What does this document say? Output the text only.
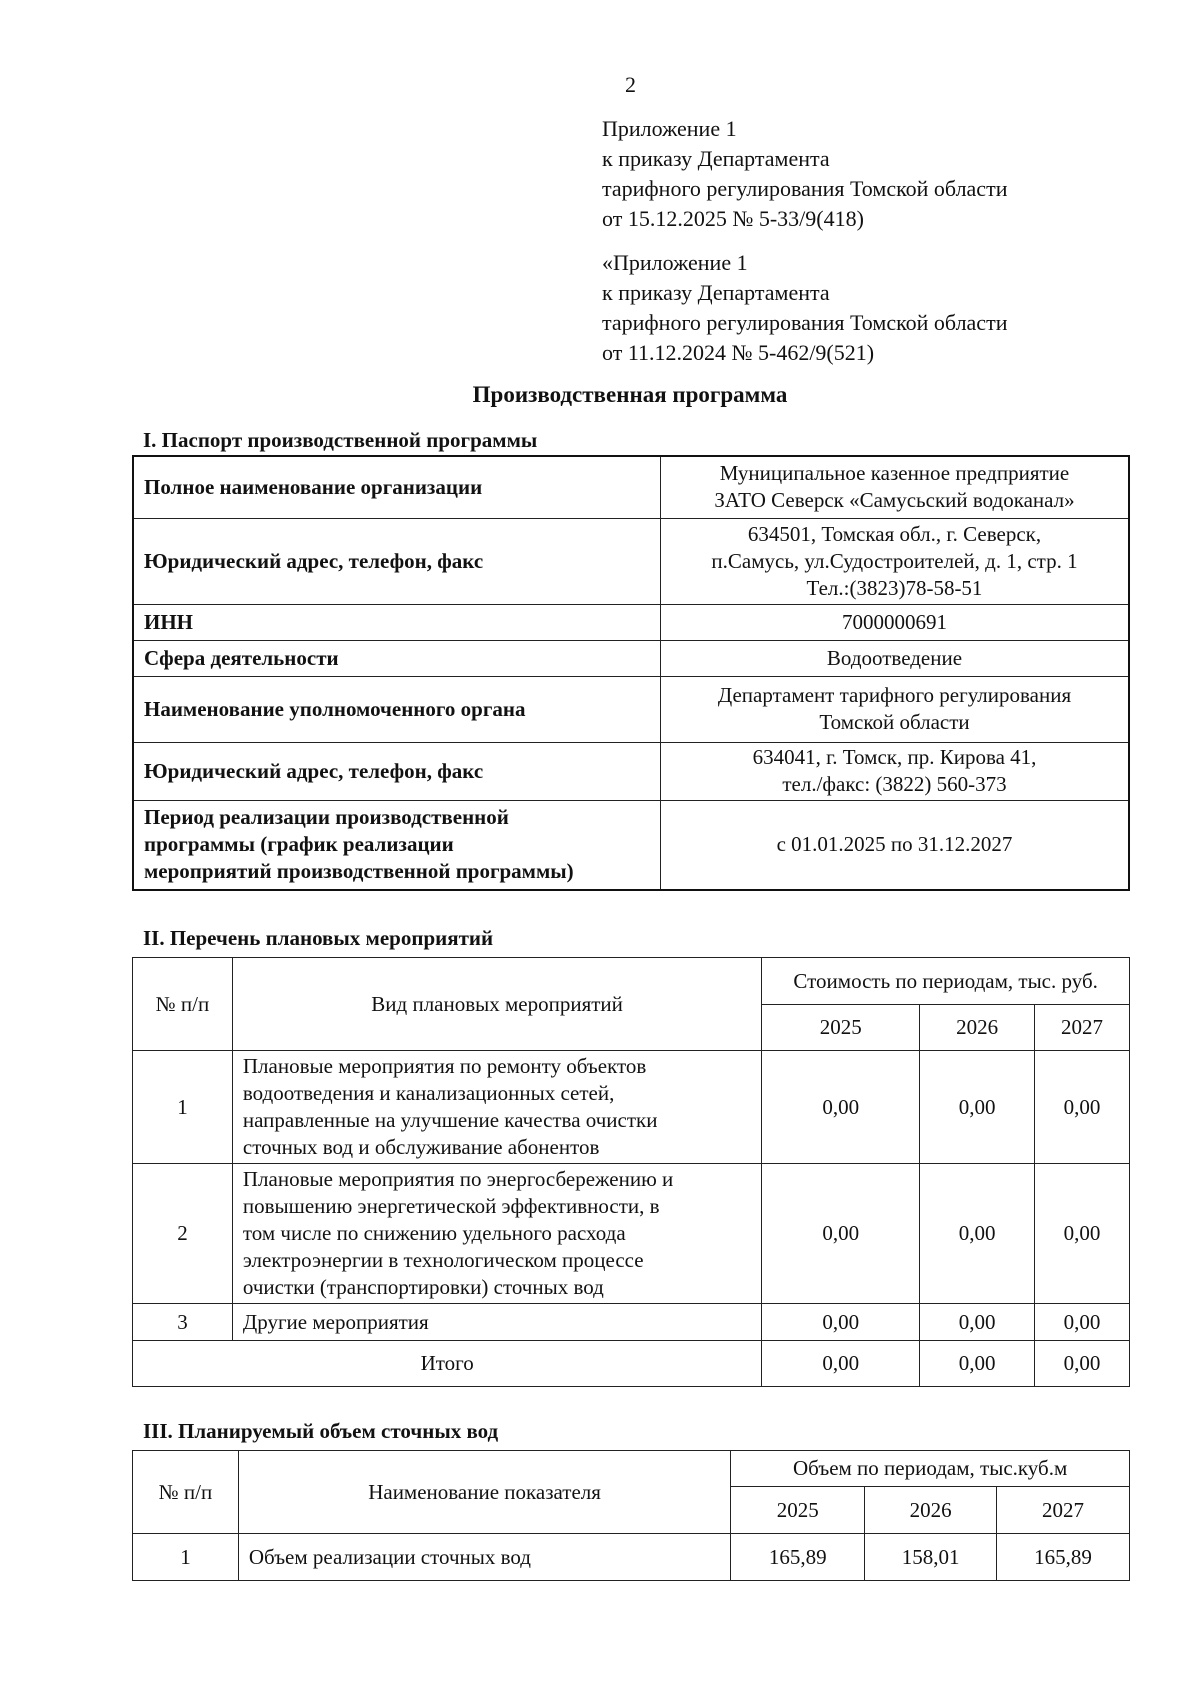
2
Приложение 1
к приказу Департамента
тарифного регулирования Томской области
от 15.12.2025 № 5-33/9(418)
«Приложение 1
к приказу Департамента
тарифного регулирования Томской области
от 11.12.2024 № 5-462/9(521)
Производственная программа
I. Паспорт производственной программы
Полное наименование организации	Муниципальное казенное предприятие
ЗАТО Северск «Самусьский водоканал»

Юридический адрес, телефон, факс	634501, Томская обл., г. Северск,
п.Самусь, ул.Судостроителей, д. 1, стр. 1
Тел.:(3823)78-58-51

ИНН	7000000691

Сфера деятельности	Водоотведение

Наименование уполномоченного органа	Департамент тарифного регулирования
Томской области

Юридический адрес, телефон, факс	634041, г. Томск, пр. Кирова 41,
тел./факс: (3822) 560-373

Период реализации производственной
программы (график реализации
мероприятий производственной программы)	с 01.01.2025 по 31.12.2027
II. Перечень плановых мероприятий
№ п/п	Вид плановых мероприятий	Стоимость по периодам, тыс. руб.		
		2025	2026	2027
1	Плановые мероприятия по ремонту объектов
водоотведения и канализационных сетей,
направленные на улучшение качества очистки
сточных вод и обслуживание абонентов	0,00	0,00	0,00
2	Плановые мероприятия по энергосбережению и
повышению энергетической эффективности, в
том числе по снижению удельного расхода
электроэнергии в технологическом процессе
очистки (транспортировки) сточных вод	0,00	0,00	0,00
3	Другие мероприятия	0,00	0,00	0,00
Итого		0,00	0,00	0,00
III. Планируемый объем сточных вод
№ п/п	Наименование показателя	Объем по периодам, тыс.куб.м		
		2025	2026	2027
1	Объем реализации сточных вод	165,89	158,01	165,89
